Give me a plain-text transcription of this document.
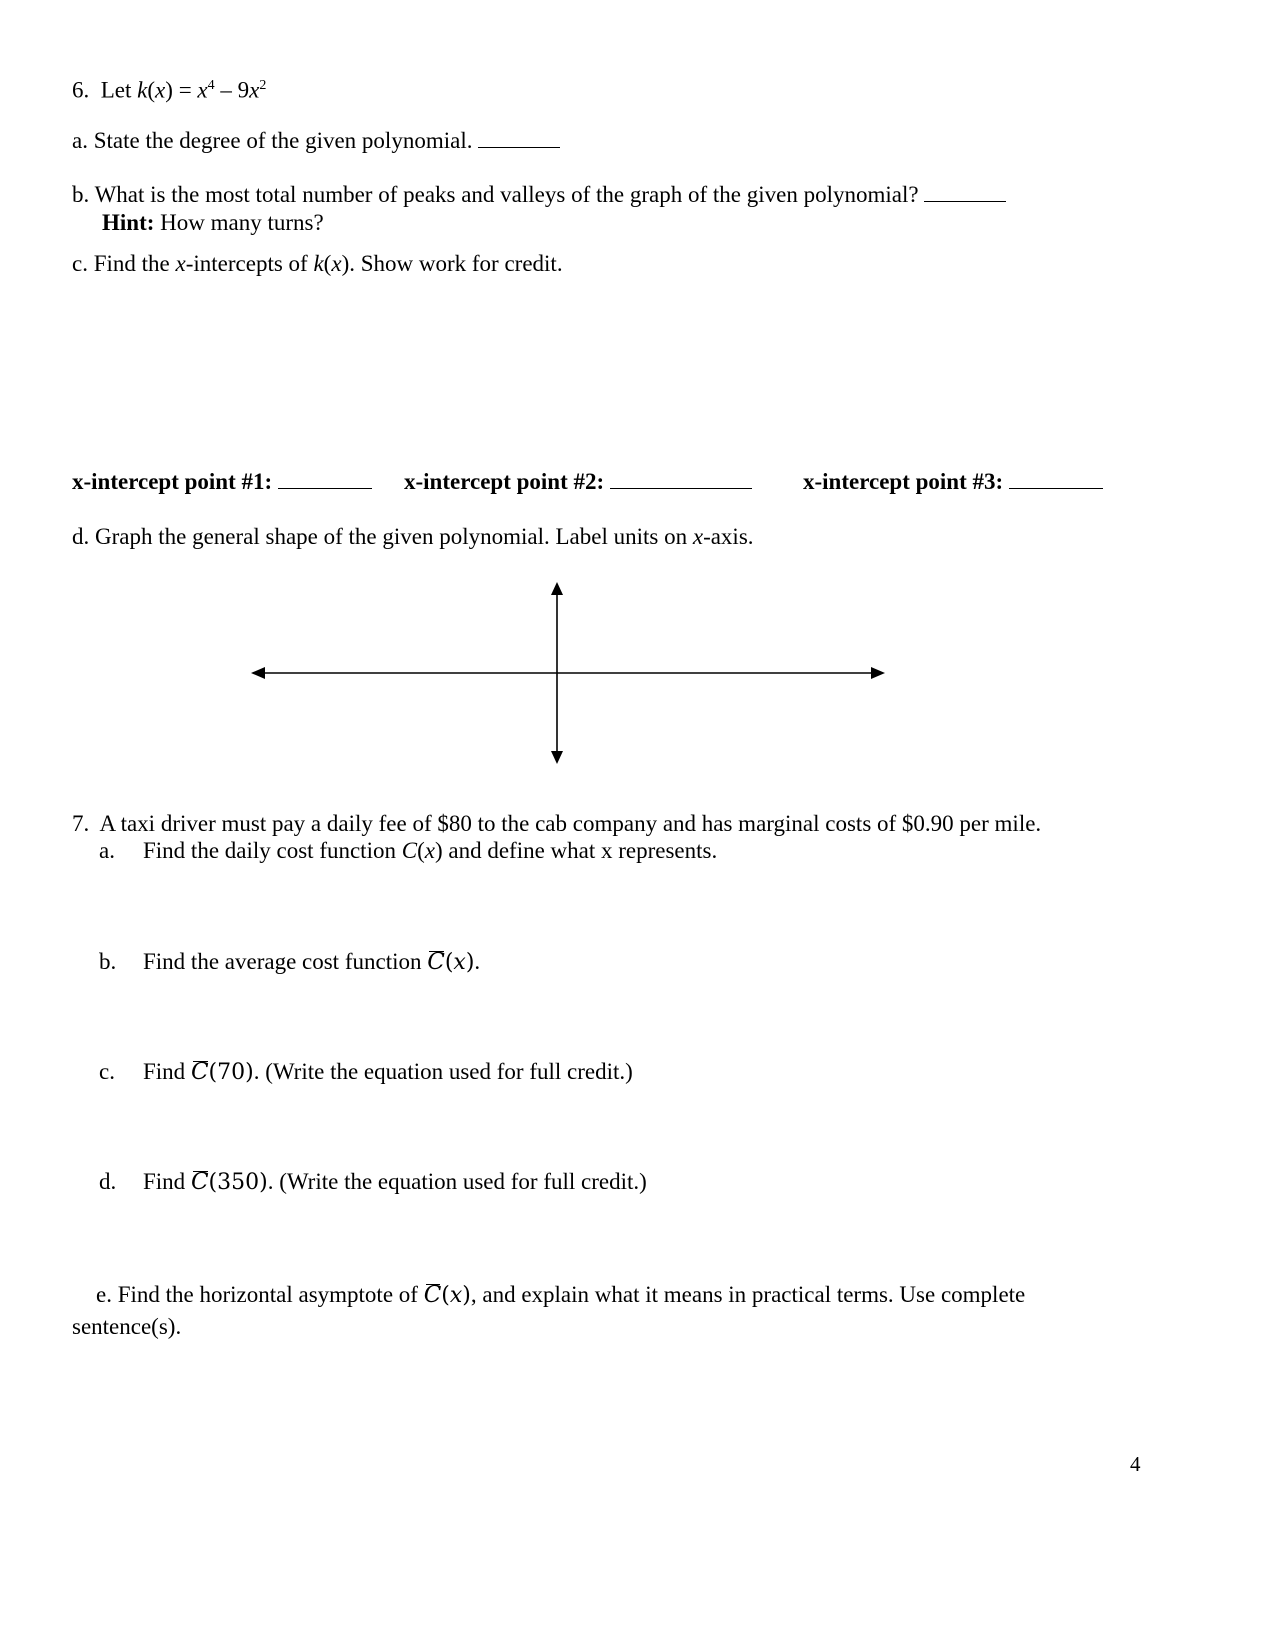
6. Let $k(x) = x^4 - 9x^2$
a. State the degree of the given polynomial.
b. What is the most total number of peaks and valleys of the graph of the given polynomial?
Hint: How many turns?
c. Find the x-intercepts of k(x). Show work for credit.
x-intercept point #1:	x-intercept point #2:	x-intercept point #3:
d. Graph the general shape of the given polynomial. Label units on x-axis.
7. A taxi driver must pay a daily fee of $80 to the cab company and has marginal costs of $0.90 per mile.
a. Find the daily cost function C(x) and define what x represents.
b. Find the average cost function 𝐶(𝑥).
c. Find 𝐶(70). (Write the equation used for full credit.)
d. Find 𝐶(350). (Write the equation used for full credit.)
e. Find the horizontal asymptote of 𝐶(𝑥), and explain what it means in practical terms. Use complete
sentence(s).
4
